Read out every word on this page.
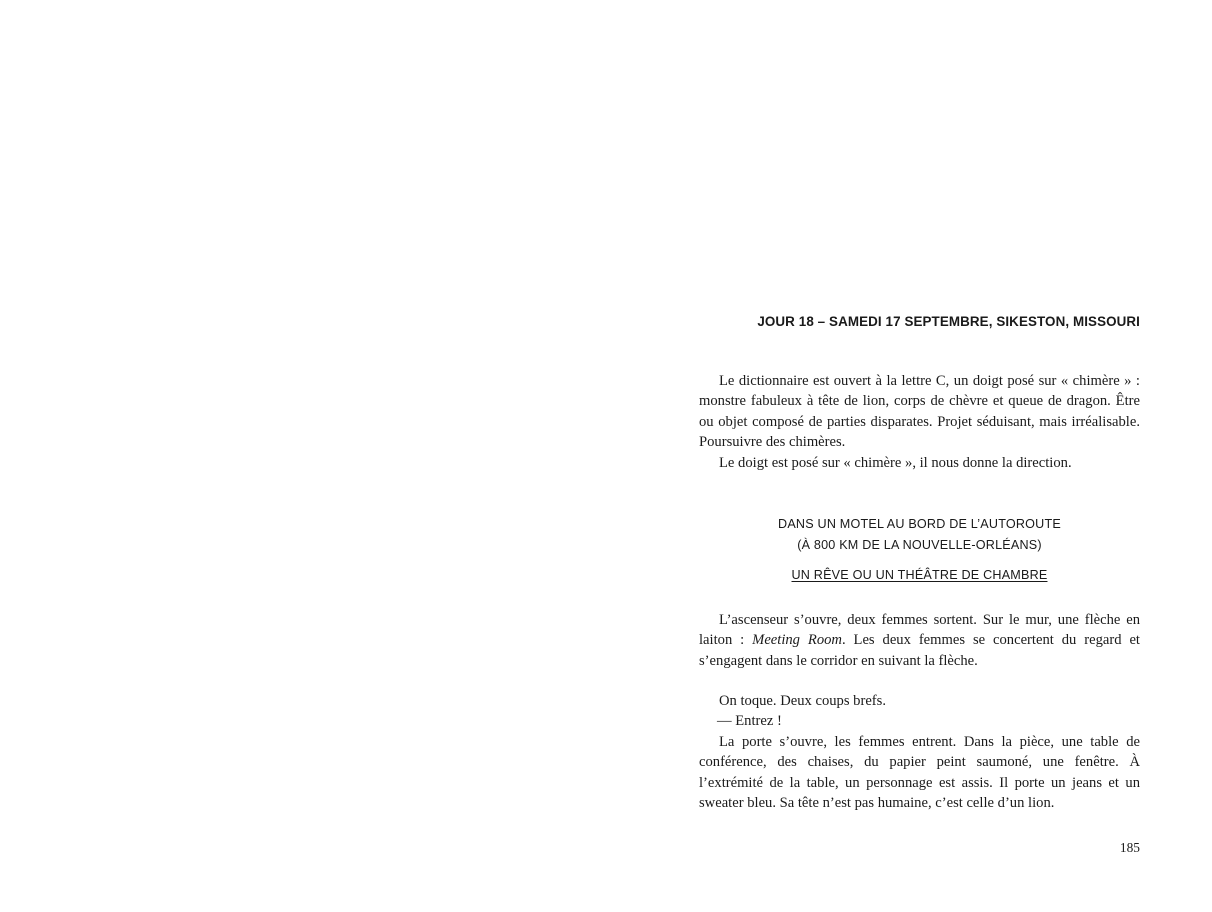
JOUR 18 – SAMEDI 17 SEPTEMBRE, SIKESTON, MISSOURI

Le dictionnaire est ouvert à la lettre C, un doigt posé sur « chimère » : monstre fabuleux à tête de lion, corps de chèvre et queue de dragon. Être ou objet composé de parties disparates. Projet séduisant, mais irréalisable. Poursuivre des chimères.

Le doigt est posé sur « chimère », il nous donne la direction.

DANS UN MOTEL AU BORD DE L’AUTOROUTE
(À 800 KM DE LA NOUVELLE-ORLÉANS)
UN RÊVE OU UN THÉÂTRE DE CHAMBRE

L’ascenseur s’ouvre, deux femmes sortent. Sur le mur, une flèche en laiton : Meeting Room. Les deux femmes se concertent du regard et s’engagent dans le corridor en suivant la flèche.

On toque. Deux coups brefs.

— Entrez !

La porte s’ouvre, les femmes entrent. Dans la pièce, une table de conférence, des chaises, du papier peint saumoné, une fenêtre. À l’extrémité de la table, un personnage est assis. Il porte un jeans et un sweater bleu. Sa tête n’est pas humaine, c’est celle d’un lion.

185
